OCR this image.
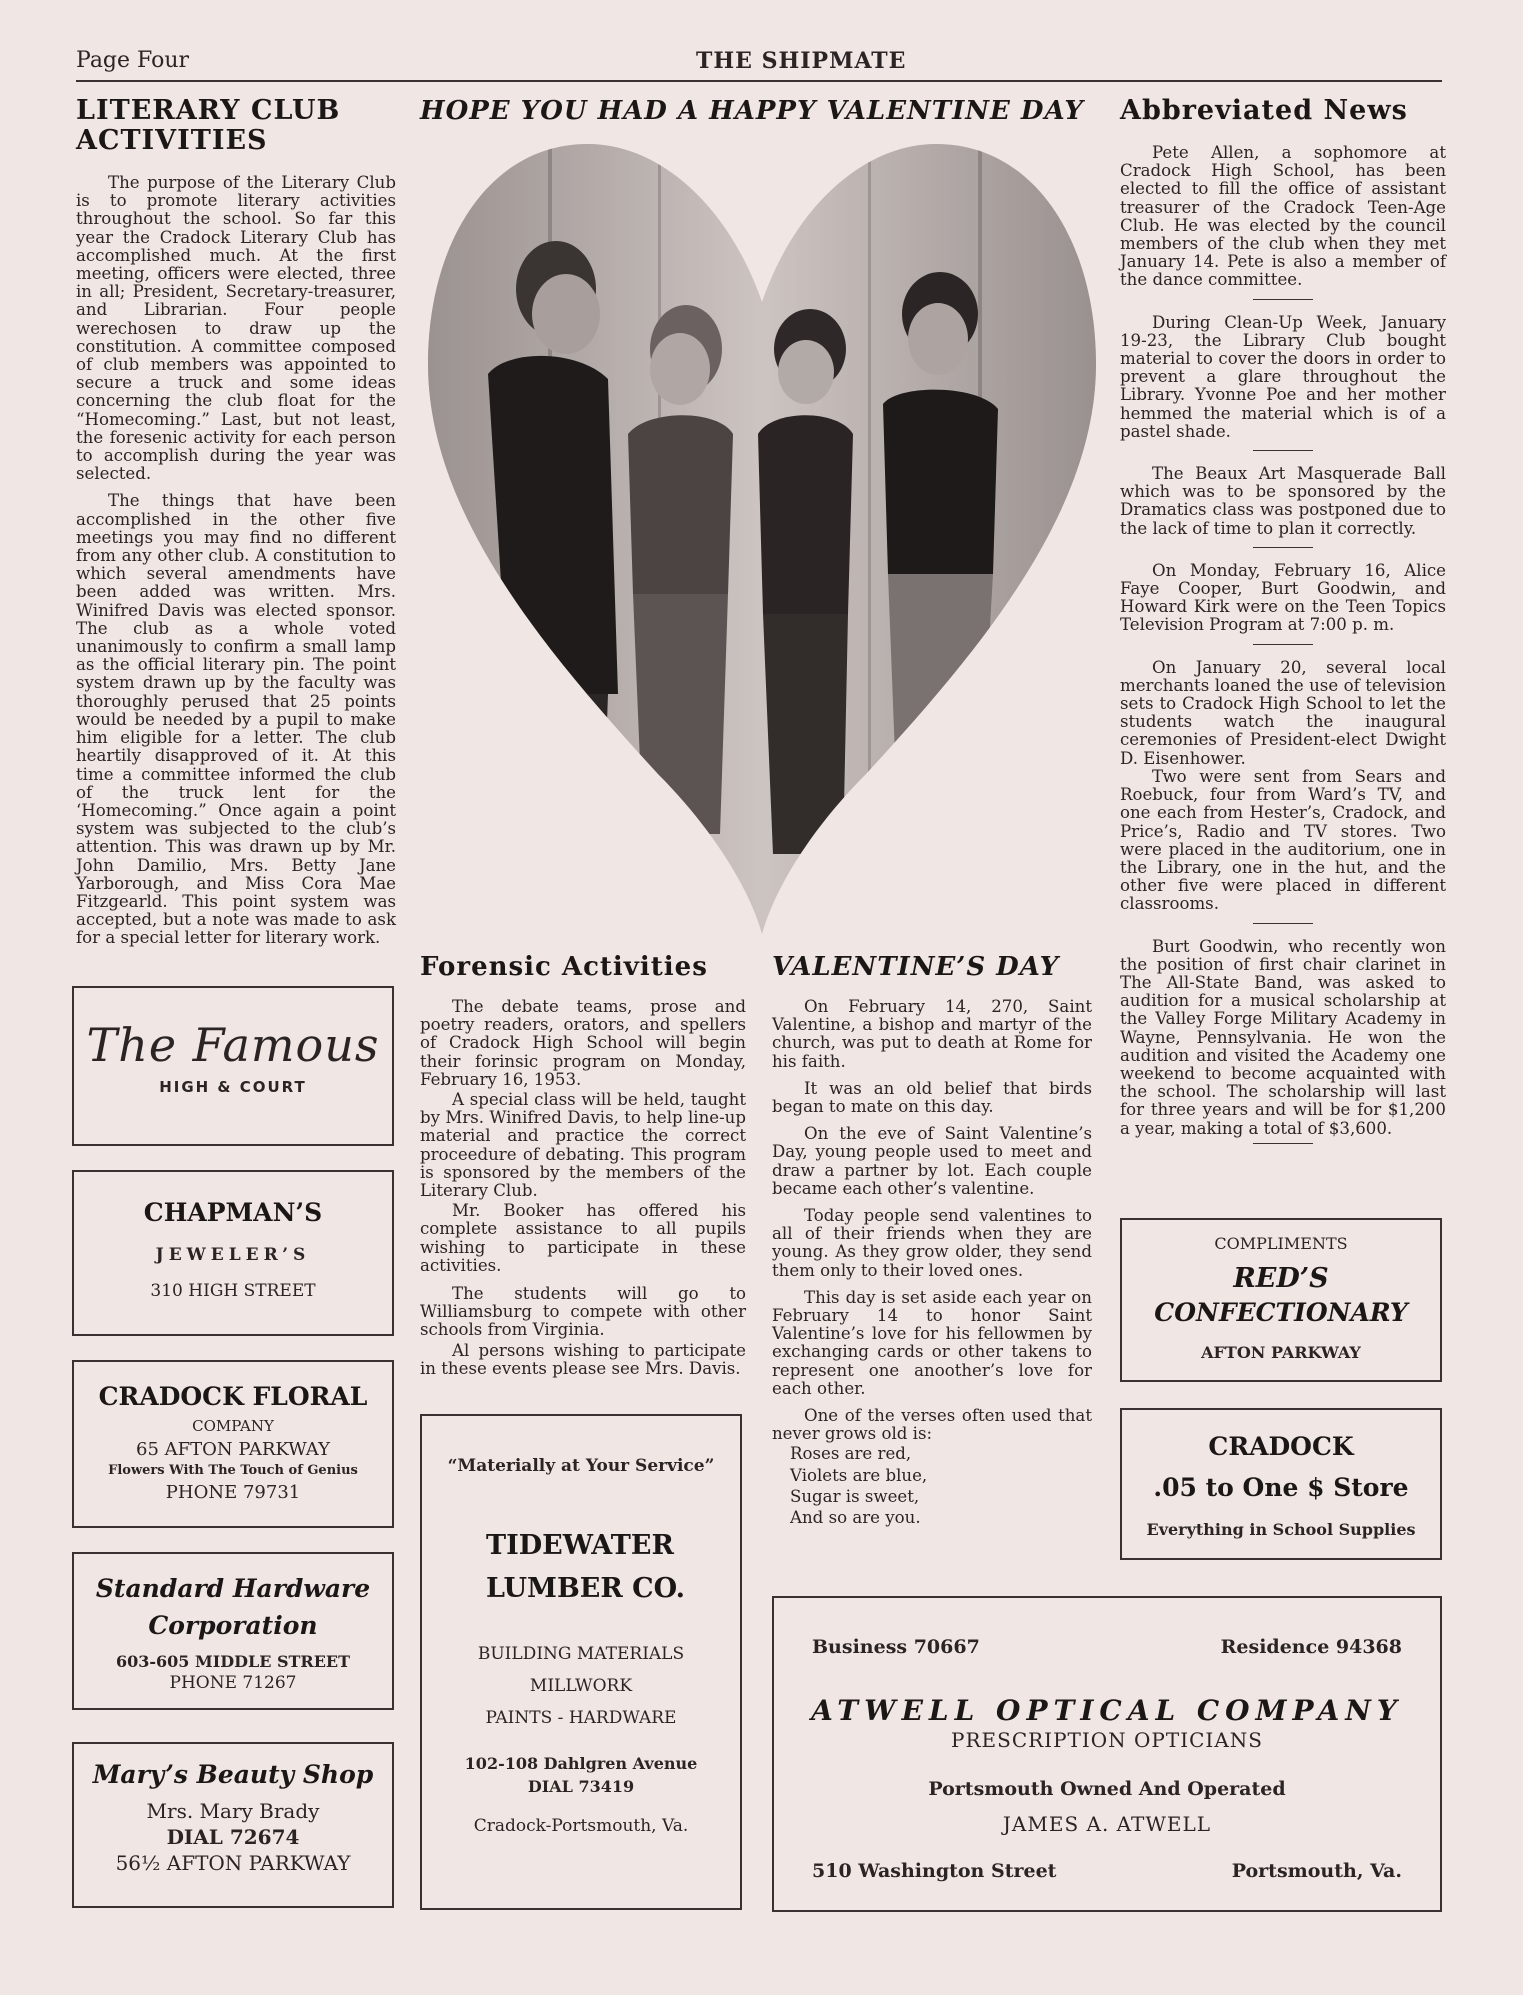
Page Four	THE SHIPMATE
LITERARY CLUB ACTIVITIES

The purpose of the Literary Club is to promote literary activities throughout the school. So far this year the Cradock Literary Club has accomplished much. At the first meeting, officers were elected, three in all; President, Secretary-treasurer, and Librarian. Four people werechosen to draw up the constitution. A committee composed of club members was appointed to secure a truck and some ideas concerning the club float for the “Homecoming.” Last, but not least, the foresenic activity for each person to accomplish during the year was selected.

The things that have been accomplished in the other five meetings you may find no different from any other club. A constitution to which several amendments have been added was written. Mrs. Winifred Davis was elected sponsor. The club as a whole voted unanimously to confirm a small lamp as the official literary pin. The point system drawn up by the faculty was thoroughly perused that 25 points would be needed by a pupil to make him eligible for a letter. The club heartily disapproved of it. At this time a committee informed the club of the truck lent for the ‘Homecoming.” Once again a point system was subjected to the club’s attention. This was drawn up by Mr. John Damilio, Mrs. Betty Jane Yarborough, and Miss Cora Mae Fitzgearld. This point system was accepted, but a note was made to ask for a special letter for literary work.

The Famous
HIGH & COURT
CHAPMAN’S
JEWELER’S
310 HIGH STREET
CRADOCK FLORAL
COMPANY
65 AFTON PARKWAY
Flowers With The Touch of Genius
PHONE 79731
Standard Hardware
Corporation
603-605 MIDDLE STREET
PHONE 71267
Mary’s Beauty Shop
Mrs. Mary Brady
DIAL 72674
56½ AFTON PARKWAY
HOPE YOU HAD A HAPPY VALENTINE DAY	Abbreviated News

Pete Allen, a sophomore at Cradock High School, has been elected to fill the office of assistant treasurer of the Cradock Teen-Age Club. He was elected by the council members of the club when they met January 14. Pete is also a member of the dance committee.

During Clean-Up Week, January 19-23, the Library Club bought material to cover the doors in order to prevent a glare throughout the Library. Yvonne Poe and her mother hemmed the material which is of a pastel shade.

The Beaux Art Masquerade Ball which was to be sponsored by the Dramatics class was postponed due to the lack of time to plan it correctly.

On Monday, February 16, Alice Faye Cooper, Burt Goodwin, and Howard Kirk were on the Teen Topics Television Program at 7:00 p. m.

On January 20, several local merchants loaned the use of television sets to Cradock High School to let the students watch the inaugural ceremonies of President-elect Dwight D. Eisenhower.

Two were sent from Sears and Roebuck, four from Ward’s TV, and one each from Hester’s, Cradock, and Price’s, Radio and TV stores. Two were placed in the auditorium, one in the Library, one in the hut, and the other five were placed in different classrooms.

Burt Goodwin, who recently won the position of first chair clarinet in The All-State Band, was asked to audition for a musical scholarship at the Valley Forge Military Academy in Wayne, Pennsylvania. He won the audition and visited the Academy one weekend to become acquainted with the school. The scholarship will last for three years and will be for $1,200 a year, making a total of $3,600.

Forensic Activities

The debate teams, prose and poetry readers, orators, and spellers of Cradock High School will begin their forinsic program on Monday, February 16, 1953.

A special class will be held, taught by Mrs. Winifred Davis, to help line-up material and practice the correct proceedure of debating. This program is sponsored by the members of the Literary Club.

Mr. Booker has offered his complete assistance to all pupils wishing to participate in these activities.

The students will go to Williamsburg to compete with other schools from Virginia.

Al persons wishing to participate in these events please see Mrs. Davis.

VALENTINE’S DAY

On February 14, 270, Saint Valentine, a bishop and martyr of the church, was put to death at Rome for his faith.

It was an old belief that birds began to mate on this day.

On the eve of Saint Valentine’s Day, young people used to meet and draw a partner by lot. Each couple became each other’s valentine.

Today people send valentines to all of their friends when they are young. As they grow older, they send them only to their loved ones.

This day is set aside each year on February 14 to honor Saint Valentine’s love for his fellowmen by exchanging cards or other takens to represent one anoother’s love for each other.

One of the verses often used that never grows old is:

Roses are red,

Violets are blue,

Sugar is sweet,

And so are you.

“Materially at Your Service”
TIDEWATER
LUMBER CO.
BUILDING MATERIALS
MILLWORK
PAINTS - HARDWARE
102-108 Dahlgren Avenue
DIAL 73419
Cradock-Portsmouth, Va.
COMPLIMENTS
RED’S
CONFECTIONARY
AFTON PARKWAY
CRADOCK
.05 to One $ Store
Everything in School Supplies
Business 70667	Residence 94368
ATWELL OPTICAL COMPANY
PRESCRIPTION OPTICIANS
Portsmouth Owned And Operated
JAMES A. ATWELL
510 Washington Street	Portsmouth, Va.
